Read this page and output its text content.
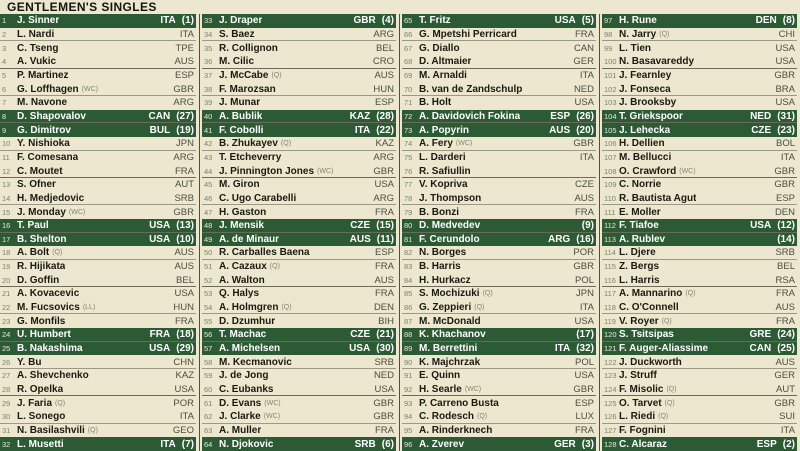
GENTLEMEN'S SINGLES
1	J. Sinner	ITA (1)
2	L. Nardi	ITA
3	C. Tseng	TPE
4	A. Vukic	AUS
5	P. Martinez	ESP
6	G. Loffhagen (WC)	GBR
7	M. Navone	ARG
8	D. Shapovalov	CAN (27)
9	G. Dimitrov	BUL (19)
10 Y. Nishioka	JPN
11 F. Comesana	ARG
12 C. Moutet	FRA
13 S. Ofner	AUT
14 H. Medjedovic	SRB
15 J. Monday (WC)	GBR
16 T. Paul	USA (13)
17 B. Shelton	USA (10)
18 A. Bolt (Q)	AUS
19 R. Hijikata	AUS
20 D. Goffin	BEL
21 A. Kovacevic	USA
22 M. Fucsovics (LL)	HUN
23 G. Monfils	FRA
24 U. Humbert	FRA (18)
25 B. Nakashima	USA (29)
26 Y. Bu	CHN
27 A. Shevchenko	KAZ
28 R. Opelka	USA
29 J. Faria (Q)	POR
30 L. Sonego	ITA
31 N. Basilashvili (Q)	GEO
32 L. Musetti	ITA (7)
33 J. Draper	GBR (4)
34 S. Baez	ARG
35 R. Collignon	BEL
36 M. Cilic	CRO
37 J. McCabe (Q)	AUS
38 F. Marozsan	HUN
39 J. Munar	ESP
40 A. Bublik	KAZ (28)
41 F. Cobolli	ITA (22)
42 B. Zhukayev (Q)	KAZ
43 T. Etcheverry	ARG
44 J. Pinnington Jones (WC)	GBR
45 M. Giron	USA
46 C. Ugo Carabelli	ARG
47 H. Gaston	FRA
48 J. Mensik	CZE (15)
49 A. de Minaur	AUS (11)
50 R. Carballes Baena	ESP
51 A. Cazaux (Q)	FRA
52 A. Walton	AUS
53 Q. Halys	FRA
54 A. Holmgren (Q)	DEN
55 D. Dzumhur	BIH
56 T. Machac	CZE (21)
57 A. Michelsen	USA (30)
58 M. Kecmanovic	SRB
59 J. de Jong	NED
60 C. Eubanks	USA
61 D. Evans (WC)	GBR
62 J. Clarke (WC)	GBR
63 A. Muller	FRA
64 N. Djokovic	SRB (6)
65 T. Fritz	USA (5)
66 G. Mpetshi Perricard	FRA
67 G. Diallo	CAN
68 D. Altmaier	GER
69 M. Arnaldi	ITA
70 B. van de Zandschulp	NED
71 B. Holt	USA
72 A. Davidovich Fokina	ESP (26)
73 A. Popyrin	AUS (20)
74 A. Fery (WC)	GBR
75 L. Darderi	ITA
76 R. Safiullin
77 V. Kopriva	CZE
78 J. Thompson	AUS
79 B. Bonzi	FRA
80 D. Medvedev	(9)
81 F. Cerundolo	ARG (16)
82 N. Borges	POR
83 B. Harris	GBR
84 H. Hurkacz	POL
85 S. Mochizuki (Q)	JPN
86 G. Zeppieri (Q)	ITA
87 M. McDonald	USA
88 K. Khachanov	(17)
89 M. Berrettini	ITA (32)
90 K. Majchrzak	POL
91 E. Quinn	USA
92 H. Searle (WC)	GBR
93 P. Carreno Busta	ESP
94 C. Rodesch (Q)	LUX
95 A. Rinderknech	FRA
96 A. Zverev	GER (3)
97 H. Rune	DEN (8)
98 N. Jarry (Q)	CHI
99 L. Tien	USA
100 N. Basavareddy	USA
101 J. Fearnley	GBR
102 J. Fonseca	BRA
103 J. Brooksby	USA
104 T. Griekspoor	NED (31)
105 J. Lehecka	CZE (23)
106 H. Dellien	BOL
107 M. Bellucci	ITA
108 O. Crawford (WC)	GBR
109 C. Norrie	GBR
110 R. Bautista Agut	ESP
111 E. Moller	DEN
112 F. Tiafoe	USA (12)
113 A. Rublev	(14)
114 L. Djere	SRB
115 Z. Bergs	BEL
116 L. Harris	RSA
117 A. Mannarino (Q)	FRA
118 C. O'Connell	AUS
119 V. Royer (Q)	FRA
120 S. Tsitsipas	GRE (24)
121 F. Auger-Aliassime	CAN (25)
122 J. Duckworth	AUS
123 J. Struff	GER
124 F. Misolic (Q)	AUT
125 O. Tarvet (Q)	GBR
126 L. Riedi (Q)	SUI
127 F. Fognini	ITA
128 C. Alcaraz	ESP (2)
